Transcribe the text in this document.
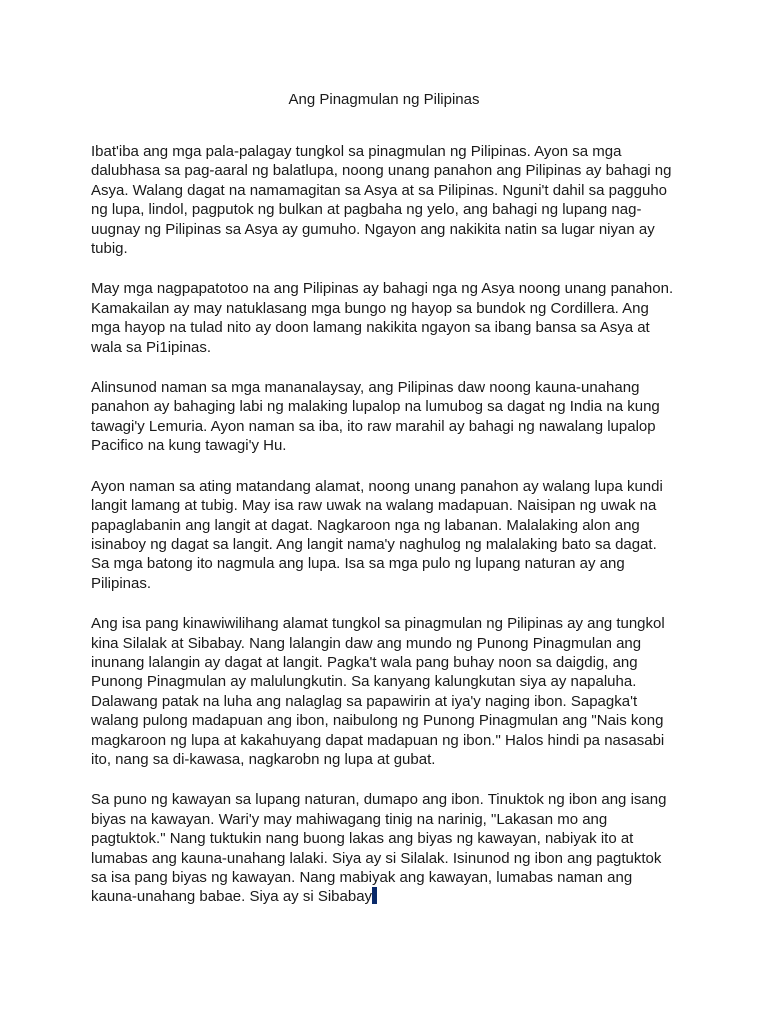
Ang Pinagmulan ng Pilipinas
Ibat'iba ang mga pala-palagay tungkol sa pinagmulan ng Pilipinas. Ayon sa mga
dalubhasa sa pag-aaral ng balatlupa, noong unang panahon ang Pilipinas ay bahagi ng
Asya. Walang dagat na namamagitan sa Asya at sa Pilipinas. Nguni't dahil sa pagguho
ng lupa, lindol, pagputok ng bulkan at pagbaha ng yelo, ang bahagi ng lupang nag-
uugnay ng Pilipinas sa Asya ay gumuho. Ngayon ang nakikita natin sa lugar niyan ay
tubig.
May mga nagpapatotoo na ang Pilipinas ay bahagi nga ng Asya noong unang panahon.
Kamakailan ay may natuklasang mga bungo ng hayop sa bundok ng Cordillera. Ang
mga hayop na tulad nito ay doon lamang nakikita ngayon sa ibang bansa sa Asya at
wala sa Pi1ipinas.
Alinsunod naman sa mga mananalaysay, ang Pilipinas daw noong kauna-unahang
panahon ay bahaging labi ng malaking lupalop na lumubog sa dagat ng India na kung
tawagi'y Lemuria. Ayon naman sa iba, ito raw marahil ay bahagi ng nawalang lupalop
Pacifico na kung tawagi'y Hu.
Ayon naman sa ating matandang alamat, noong unang panahon ay walang lupa kundi
langit lamang at tubig. May isa raw uwak na walang madapuan. Naisipan ng uwak na
papaglabanin ang langit at dagat. Nagkaroon nga ng labanan. Malalaking alon ang
isinaboy ng dagat sa langit. Ang langit nama'y naghulog ng malalaking bato sa dagat.
Sa mga batong ito nagmula ang lupa. Isa sa mga pulo ng lupang naturan ay ang
Pilipinas.
Ang isa pang kinawiwilihang alamat tungkol sa pinagmulan ng Pilipinas ay ang tungkol
kina Silalak at Sibabay. Nang lalangin daw ang mundo ng Punong Pinagmulan ang
inunang lalangin ay dagat at langit. Pagka't wala pang buhay noon sa daigdig, ang
Punong Pinagmulan ay malulungkutin. Sa kanyang kalungkutan siya ay napaluha.
Dalawang patak na luha ang nalaglag sa papawirin at iya'y naging ibon. Sapagka't
walang pulong madapuan ang ibon, naibulong ng Punong Pinagmulan ang "Nais kong
magkaroon ng lupa at kakahuyang dapat madapuan ng ibon." Halos hindi pa nasasabi
ito, nang sa di-kawasa, nagkarobn ng lupa at gubat.
Sa puno ng kawayan sa lupang naturan, dumapo ang ibon. Tinuktok ng ibon ang isang
biyas na kawayan. Wari'y may mahiwagang tinig na narinig, "Lakasan mo ang
pagtuktok." Nang tuktukin nang buong lakas ang biyas ng kawayan, nabiyak ito at
lumabas ang kauna-unahang lalaki. Siya ay si Silalak. Isinunod ng ibon ang pagtuktok
sa isa pang biyas ng kawayan. Nang mabiyak ang kawayan, lumabas naman ang
kauna-unahang babae. Siya ay si Sibabay
